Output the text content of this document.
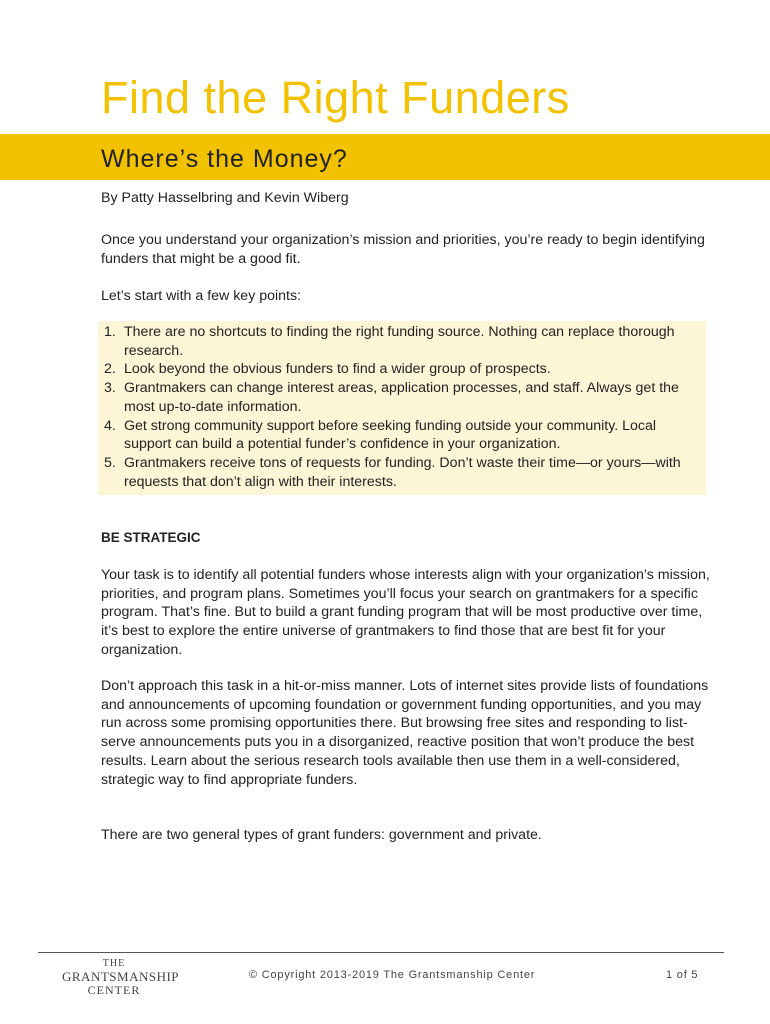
Find the Right Funders
Where’s the Money?

By Patty Hasselbring and Kevin Wiberg

Once you understand your organization’s mission and priorities, you’re ready to begin identifying funders that might be a good fit.

Let’s start with a few key points:

1. There are no shortcuts to finding the right funding source. Nothing can replace thorough research.
2. Look beyond the obvious funders to find a wider group of prospects.
3. Grantmakers can change interest areas, application processes, and staff. Always get the most up-to-date information.
4. Get strong community support before seeking funding outside your community. Local support can build a potential funder’s confidence in your organization.
5. Grantmakers receive tons of requests for funding. Don’t waste their time—or yours—with requests that don’t align with their interests.
BE STRATEGIC

Your task is to identify all potential funders whose interests align with your organization’s mission, priorities, and program plans. Sometimes you’ll focus your search on grantmakers for a specific program. That’s fine. But to build a grant funding program that will be most productive over time, it’s best to explore the entire universe of grantmakers to find those that are best fit for your organization.

Don’t approach this task in a hit-or-miss manner. Lots of internet sites provide lists of foundations and announcements of upcoming foundation or government funding opportunities, and you may run across some promising opportunities there. But browsing free sites and responding to list-serve announcements puts you in a disorganized, reactive position that won’t produce the best results. Learn about the serious research tools available then use them in a well-considered, strategic way to find appropriate funders.

There are two general types of grant funders: government and private.

THE
GRANTSMANSHIP
CENTER

© Copyright 2013-2019 The Grantsmanship Center	1 of 5
